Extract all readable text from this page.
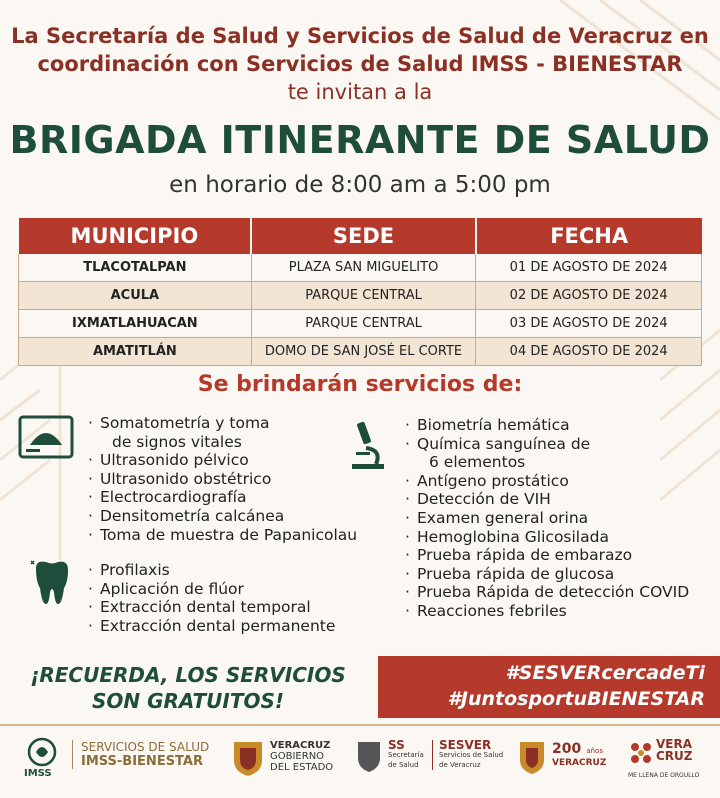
La Secretaría de Salud y Servicios de Salud de Veracruz en
coordinación con Servicios de Salud IMSS - BIENESTAR
te invitan a la
BRIGADA ITINERANTE DE SALUD
en horario de 8:00 am a 5:00 pm
MUNICIPIO	SEDE	FECHA
TLACOTALPAN	PLAZA SAN MIGUELITO	01 DE AGOSTO DE 2024
ACULA	PARQUE CENTRAL	02 DE AGOSTO DE 2024
IXMATLAHUACAN	PARQUE CENTRAL	03 DE AGOSTO DE 2024
AMATITLÁN	DOMO DE SAN JOSÉ EL CORTE	04 DE AGOSTO DE 2024
Se brindarán servicios de:
· Somatometría y toma
de signos vitales
· Ultrasonido pélvico
· Ultrasonido obstétrico
· Electrocardiografía
· Densitometría calcánea
· Toma de muestra de Papanicolau
· Profilaxis
· Aplicación de flúor
· Extracción dental temporal
· Extracción dental permanente
· Biometría hemática
· Química sanguínea de
6 elementos
· Antígeno prostático
· Detección de VIH
· Examen general orina
· Hemoglobina Glicosilada
· Prueba rápida de embarazo
· Prueba rápida de glucosa
· Prueba Rápida de detección COVID
· Reacciones febriles
¡RECUERDA, LOS SERVICIOS
SON GRATUITOS!
#SESVERcercadeTi
#JuntosportuBIENESTAR
IMSS
SERVICIOS DE SALUD
IMSS-BIENESTAR
VERACRUZ
GOBIERNO
DEL ESTADO
SS
Secretaría
de Salud
SESVER
Servicios de Salud
de Veracruz
200 años
VERACRUZ
VERA
CRUZ
ME LLENA DE ORGULLO
